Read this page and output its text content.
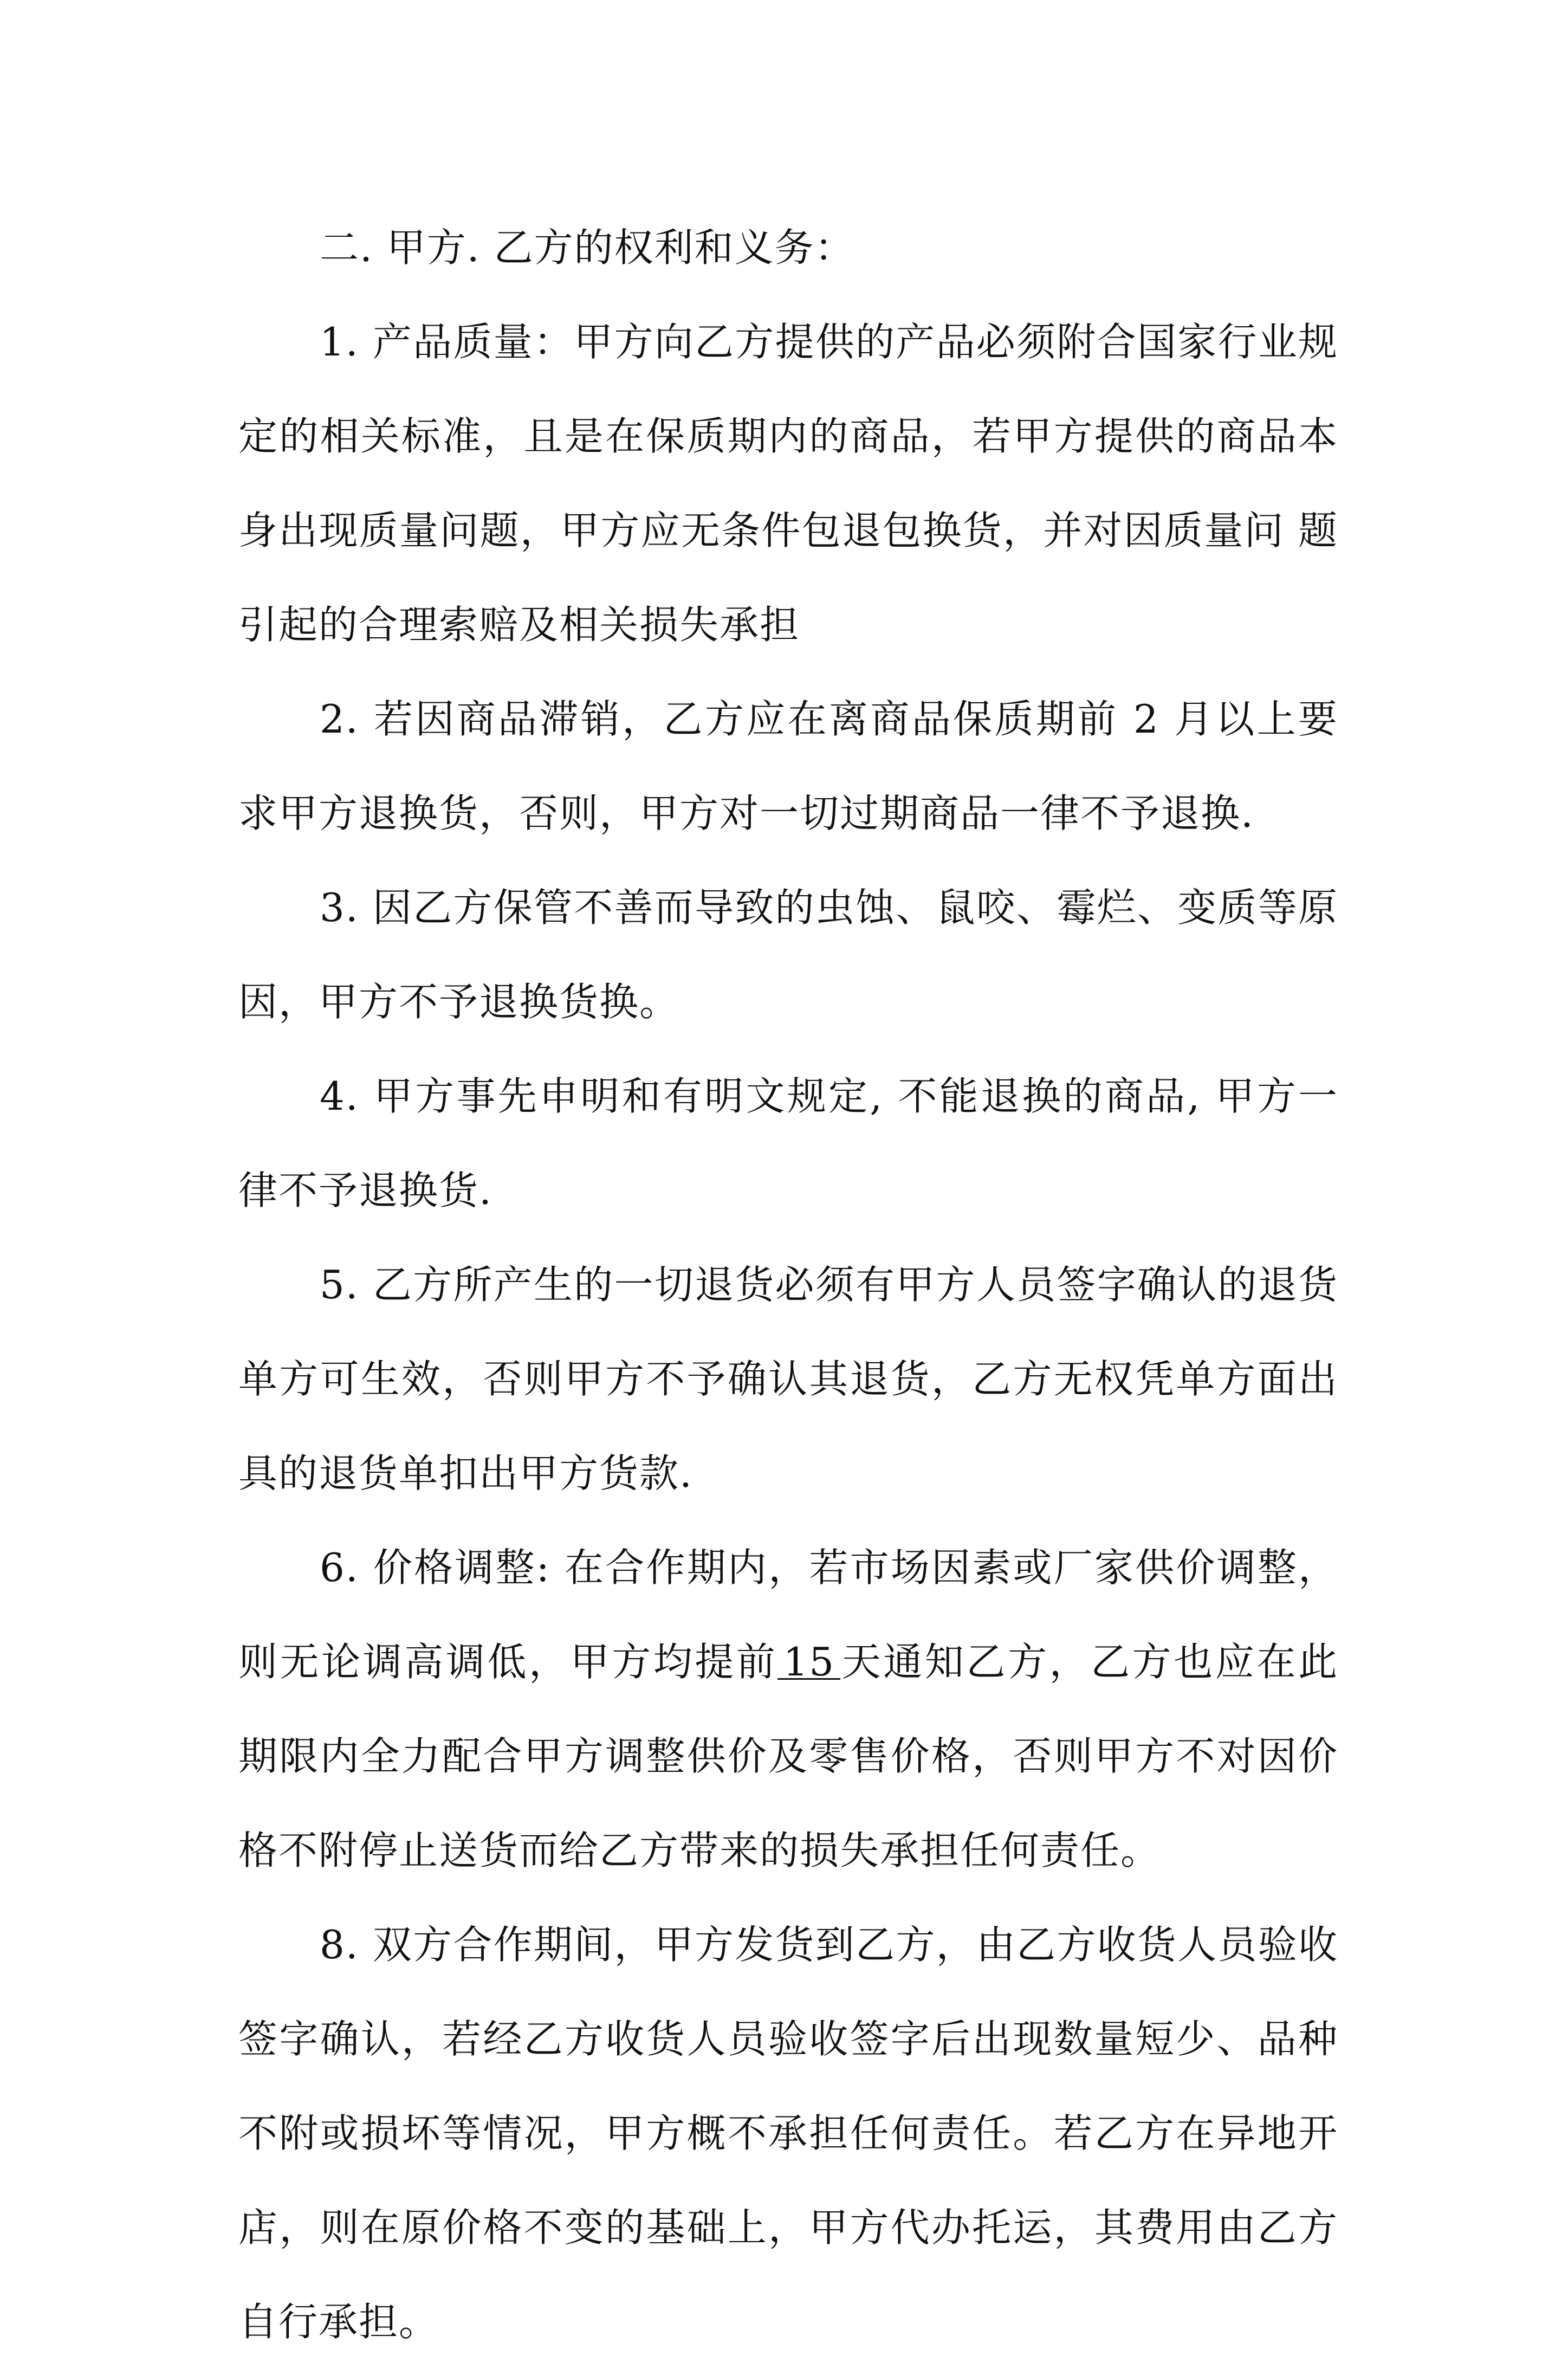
二. 甲方. 乙方的权利和义务：

1. 产品质量：甲方向乙方提供的产品必须附合国家行业规定的相关标准，且是在保质期内的商品，若甲方提供的商品本身出现质量问题，甲方应无条件包退包换货，并对因质量问 题引起的合理索赔及相关损失承担

2. 若因商品滞销，乙方应在离商品保质期前 2 月以上要求甲方退换货，否则，甲方对一切过期商品一律不予退换.

3. 因乙方保管不善而导致的虫蚀、鼠咬、霉烂、变质等原因，甲方不予退换货换。

4. 甲方事先申明和有明文规定, 不能退换的商品, 甲方一律不予退换货.

5. 乙方所产生的一切退货必须有甲方人员签字确认的退货单方可生效，否则甲方不予确认其退货，乙方无权凭单方面出具的退货单扣出甲方货款.

6. 价格调整: 在合作期内，若市场因素或厂家供价调整，则无论调高调低，甲方均提前 15 天通知乙方，乙方也应在此期限内全力配合甲方调整供价及零售价格，否则甲方不对因价格不附停止送货而给乙方带来的损失承担任何责任。

8. 双方合作期间，甲方发货到乙方，由乙方收货人员验收签字确认，若经乙方收货人员验收签字后出现数量短少、品种不附或损坏等情况，甲方概不承担任何责任。若乙方在异地开店，则在原价格不变的基础上，甲方代办托运，其费用由乙方自行承担。
